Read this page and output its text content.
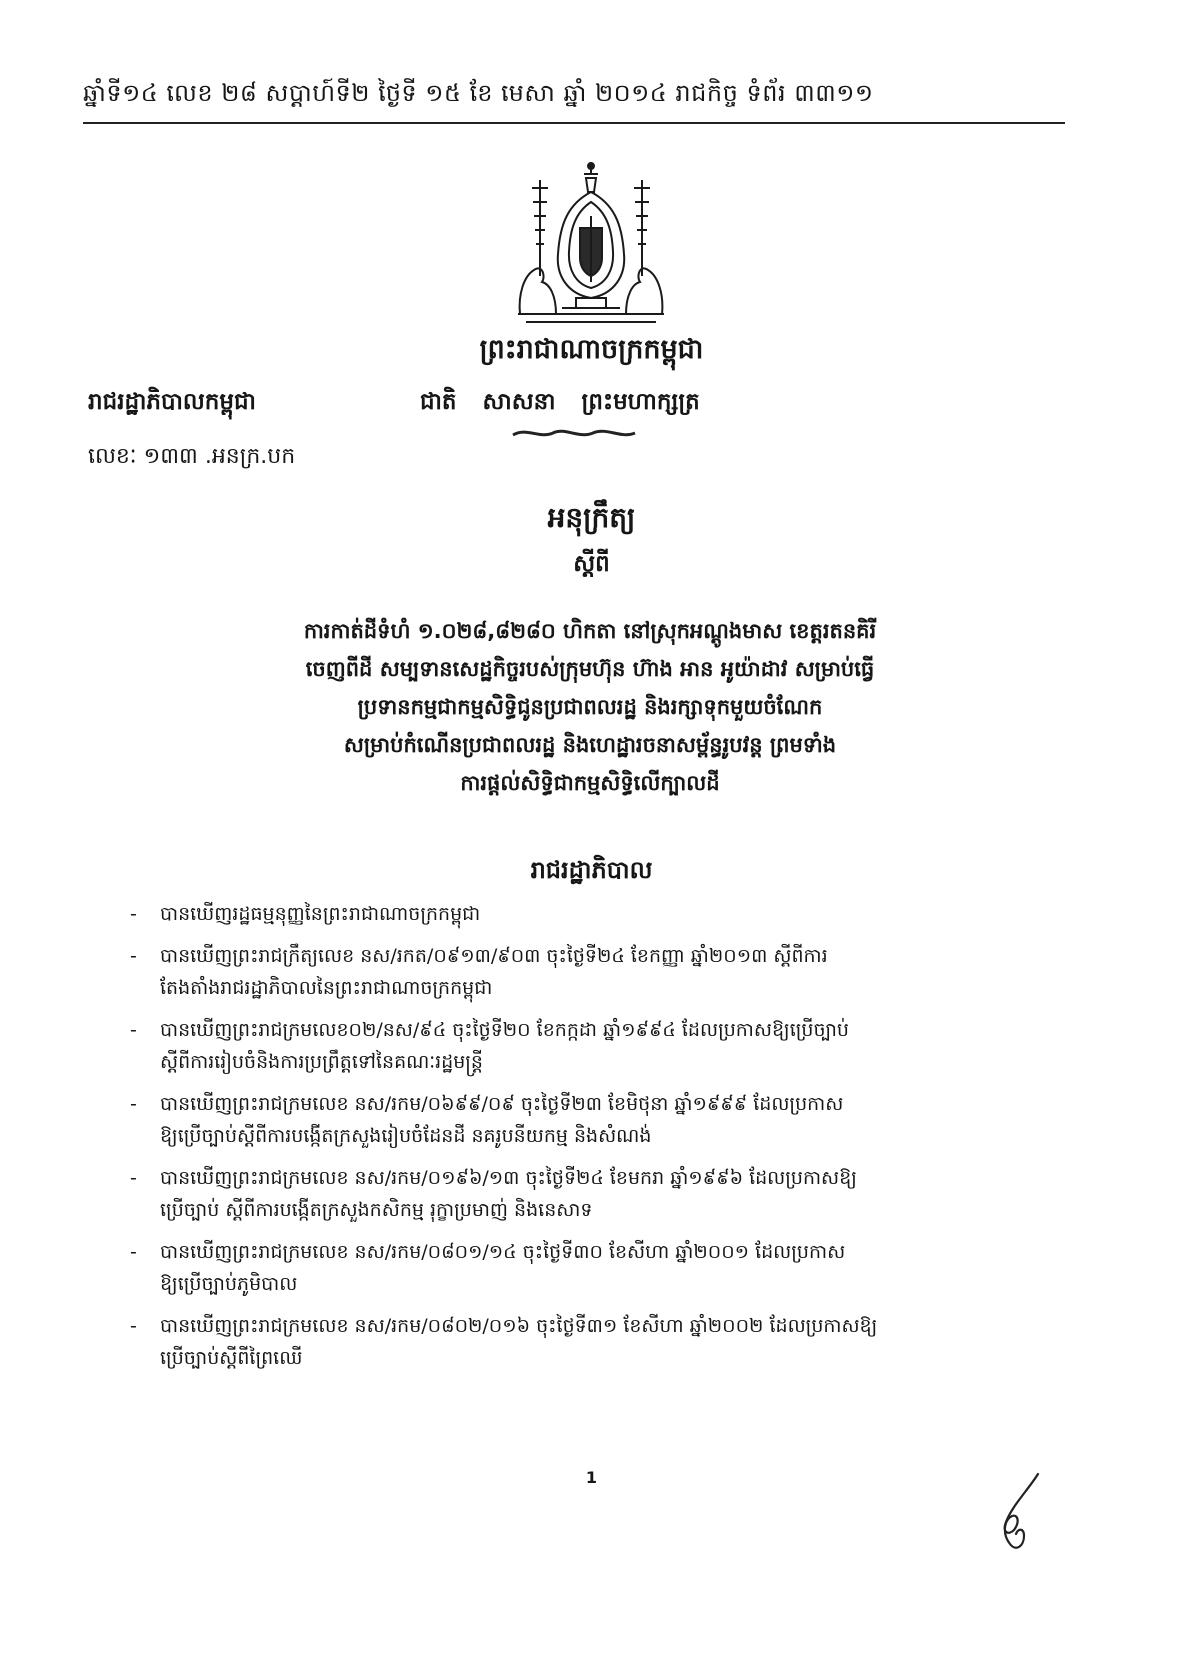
ឆ្នាំទី១៤ លេខ ២៨ សប្តាហ៍ទី២ ថ្ងៃទី ១៥ ខែ មេសា ឆ្នាំ ២០១៤ រាជកិច្ច ទំព័រ ៣៣១១
ព្រះរាជាណាចក្រកម្ពុជា
រាជរដ្ឋាភិបាលកម្ពុជា	ជាតិ សាសនា ព្រះមហាក្សត្រ
លេខៈ ១៣៣ .អនក្រ.បក
អនុក្រឹត្យ
ស្តីពី
ការកាត់ដីទំហំ ១.០២៨,៨២៨០ ហិកតា នៅស្រុកអណ្តូងមាស ខេត្តរតនគិរី
ចេញពីដី សម្បទានសេដ្ឋកិច្ចរបស់ក្រុមហ៊ុន ហ៊ាង អាន អូយ៉ាដាវ សម្រាប់ធ្វើ
ប្រទានកម្មជាកម្មសិទ្ធិជូនប្រជាពលរដ្ឋ និងរក្សាទុកមួយចំណែក
សម្រាប់កំណើនប្រជាពលរដ្ឋ និងហេដ្ឋារចនាសម្ព័ន្ធរូបវន្ត ព្រមទាំង
ការផ្តល់សិទ្ធិជាកម្មសិទ្ធិលើក្បាលដី
រាជរដ្ឋាភិបាល
- បានឃើញរដ្ឋធម្មនុញ្ញនៃព្រះរាជាណាចក្រកម្ពុជា
- បានឃើញព្រះរាជក្រឹត្យលេខ នស/រកត/០៩១៣/៩០៣ ចុះថ្ងៃទី២៤ ខែកញ្ញា ឆ្នាំ២០១៣ ស្តីពីការ
តែងតាំងរាជរដ្ឋាភិបាលនៃព្រះរាជាណាចក្រកម្ពុជា
- បានឃើញព្រះរាជក្រមលេខ០២/នស/៩៤ ចុះថ្ងៃទី២០ ខែកក្កដា ឆ្នាំ១៩៩៤ ដែលប្រកាសឱ្យប្រើច្បាប់
ស្តីពីការរៀបចំនិងការប្រព្រឹត្តទៅនៃគណៈរដ្ឋមន្ត្រី
- បានឃើញព្រះរាជក្រមលេខ នស/រកម/០៦៩៩/០៩ ចុះថ្ងៃទី២៣ ខែមិថុនា ឆ្នាំ១៩៩៩ ដែលប្រកាស
ឱ្យប្រើច្បាប់ស្តីពីការបង្កើតក្រសួងរៀបចំដែនដី នគរូបនីយកម្ម និងសំណង់
- បានឃើញព្រះរាជក្រមលេខ នស/រកម/០១៩៦/១៣ ចុះថ្ងៃទី២៤ ខែមករា ឆ្នាំ១៩៩៦ ដែលប្រកាសឱ្យ
ប្រើច្បាប់ ស្តីពីការបង្កើតក្រសួងកសិកម្ម រុក្ខាប្រមាញ់ និងនេសាទ
- បានឃើញព្រះរាជក្រមលេខ នស/រកម/០៨០១/១៤ ចុះថ្ងៃទី៣០ ខែសីហា ឆ្នាំ២០០១ ដែលប្រកាស
ឱ្យប្រើច្បាប់ភូមិបាល
- បានឃើញព្រះរាជក្រមលេខ នស/រកម/០៨០២/០១៦ ចុះថ្ងៃទី៣១ ខែសីហា ឆ្នាំ២០០២ ដែលប្រកាសឱ្យ
ប្រើច្បាប់ស្តីពីព្រៃឈើ
1
